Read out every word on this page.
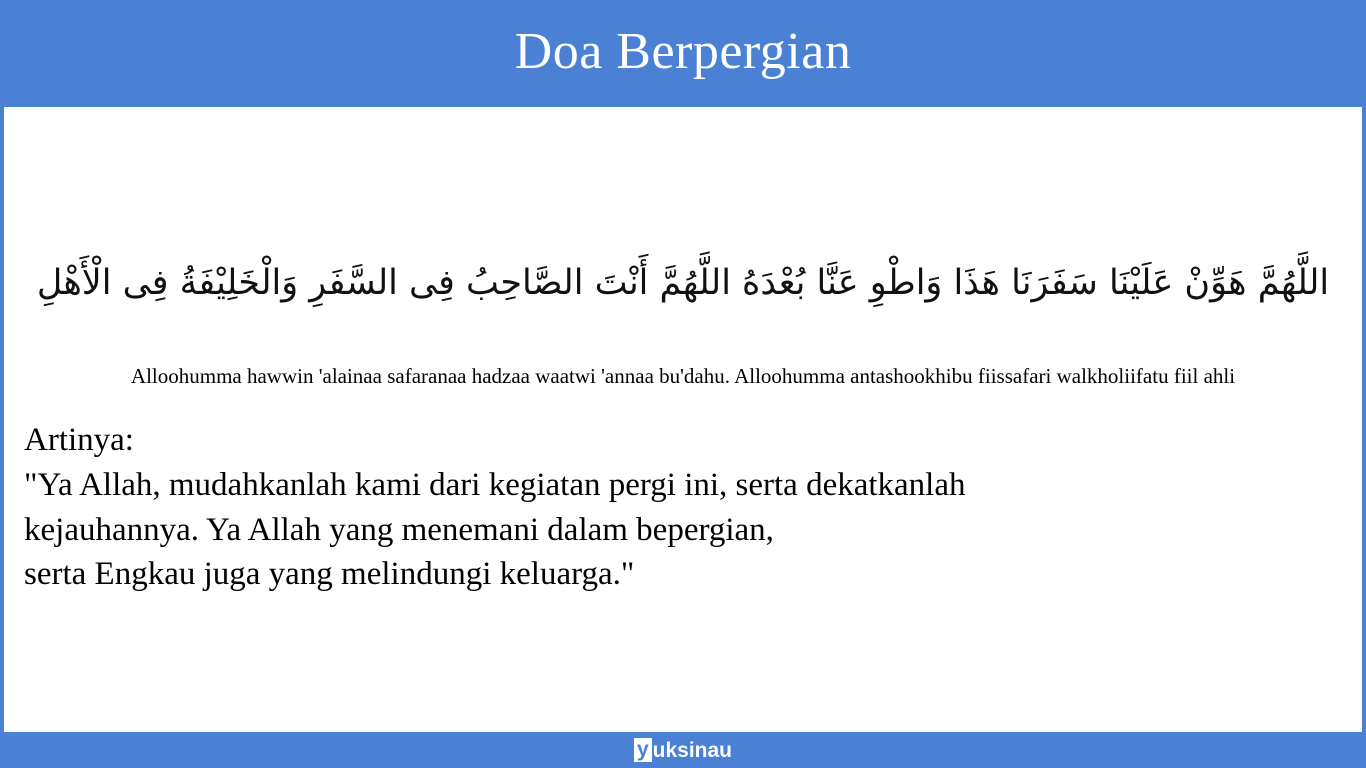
Doa Berpergian
اللَّهُمَّ هَوِّنْ عَلَيْنَا سَفَرَنَا هَذَا وَاطْوِ عَنَّا بُعْدَهُ اللَّهُمَّ أَنْتَ الصَّاحِبُ فِى السَّفَرِ وَالْخَلِيْفَةُ فِى الْأَهْلِ
Alloohumma hawwin 'alainaa safaranaa hadzaa waatwi 'annaa bu'dahu. Alloohumma antashookhibu fiissafari walkholiifatu fiil ahli
Artinya:
"Ya Allah, mudahkanlah kami dari kegiatan pergi ini, serta dekatkanlah
kejauhannya. Ya Allah yang menemani dalam bepergian,
serta Engkau juga yang melindungi keluarga."
y uksinau
